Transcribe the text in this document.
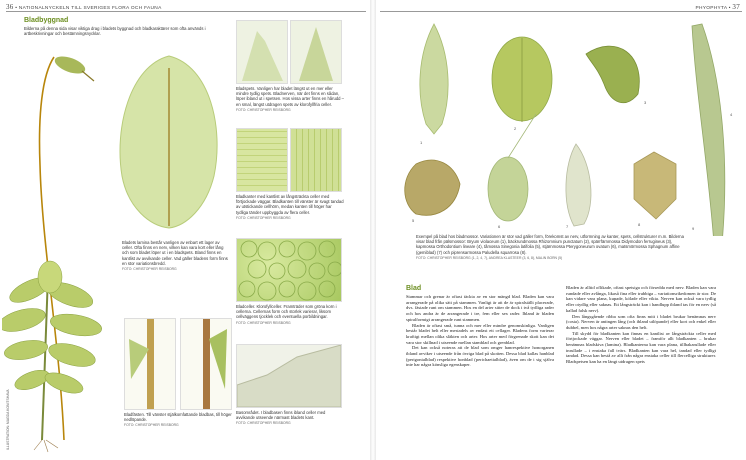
36 • NATIONALNYCKELN TILL SVERIGES FLORA OCH FAUNA
Bladbyggnad
Bilderna på denna sida visar viktiga drag i bladets byggnad och bladkaraktärer som ofta används i artbeskrivningar och bestämningsnycklar.
ILLUSTRATION: MAGDA KONITSHAVA
Bladets lamina består vanligen av enbart ett lager av celler. Ofta finns en nerv, vilken kan vara kort eller lång och som bladet löper ut i en bladspets. Bland finns en kantlist av avvikande celler. Vad gäller bladens form finns en stor variationsbredd.
FOTO: CHRISTOPHER REISBORG
Bladspets. Vanligen har bladet längst ut en mer eller mindre tydlig spets. Bladnerven, när det finns en sådan, löper ibland ut i spetsen. Hos vissa arter finns en hårudd – en smal, längst utdragen spets av klorofyllfria celler.
FOTO: CHRISTOPHER REISBORG
Bladkanter med kantlist av långsträckta celler med förtjockade väggar. Bladkanten till vänster är svagt tandad av utstickande cellhörn, medan kanten till höger har tydliga tänder uppbyggda av flera celler.
FOTO: CHRISTOPHER REISBORG
Bladceller. Klorofyllceller. Framträder som gröna korn i cellerna. Cellernas form och storlek varierar, liksom cellväggens tjocklek och eventuella porbildningar.
FOTO: CHRISTOPHER REISBORG
Basområdet. I bladbasen finns ibland celler med avvikande utseende närmast bladets kant.
FOTO: CHRISTOPHER REISBORG
Bladfästen. Till vänster stjälkomfattande bladbas, till höger nedlöpande.
FOTO: CHRISTOPHER REISBORG
PHYOPHYTA • 37
1
2
3
4
5
6	7	8
9
Exempel på blad hos bladmossor. Variationen är stor vad gäller form, förekomst av nerv, utformning av kanter, spets, cellstrukturer m.m. Bilderna visar blad från pälsmossor: Bryum violaceum (1), bäckrundmossa Rhizomnium punctatum (2), spärrfärnmossa Didymodon ferrugineus (3), kapmossa Orthodontium lineare (4), tåmossa Sinegonia latifolia (5), stjärnmossa Pterygoneurum ovatum (6), matsmörmossa Sphagnum affine (gemiblad) (7) och piprensarmossa Paludella squarrosa (8).
FOTO: CHRISTOPHER REISBORG (1, 2, 4, 7), ANDREA KLASTEER (3, 6, 8), MALIN BORN (5)
Blad

Stammar och grenar är oftast täckta av en stor mängd blad. Bladen kan vara arrangerade på olika sätt på stammen. Vanligt är att de är spiralställt placerade, dvs. fästade runt om stammen. Hos en del arter sitter de dock i två tydliga rader och hos andra är de arrangerade i tre, fem eller sex rader. Ibland är bladen spiralformigt arrangerade runt stammen.

Bladen är oftast små, tunna och mer eller mindre genomskinliga. Vanligen består bladet helt eller mestadels av endast ett cellager. Bladens form varierar kraftigt mellan olika släkten och arter. Hos arter med förgrenade skott kan det vara stor skillnad i utseende mellan stamblad och grenblad.

Det kan också noteras att de blad som omger hanrespektive honorganen ibland avviker i utseende från övriga blad på skotten. Dessa blad kallas hanblad (perigonialblad) respektive honblad (perichaetialblad), även om de i sig själva inte har några könsliga egenskaper.

Bladen är alltid oflikade, oftast spetsiga och försedda med nerv. Bladen kan vara rundade eller avlånga, likaså fina eller trubbiga – variationsrikedomen är stor. De kan vidare vara plana, kupade, kölade eller vikta. Nerven kan också vara tydlig eller otydlig eller saknas. Ett långsträckt kan i handlupp ibland tas för en nerv (så kallad falsk nerv).

Den långsgående ribba som ofta finns mitt i bladet brukar benämnas nerv (costa). Nerven är antingen lång (och ibland utlöpande) eller kort och enkel eller dubbel, men hos några arter saknas den helt.

Till skydd för bladkanten kan finnas en kantlist av långsträckta celler med förtjockade väggar. Nerven eller bladet – framför allt bladkanten – brukar benämnas bladskiva (lamina). Bladkanterna kan vara plana, tillbakarullade eller inrullade – i enstaka fall tvärs. Bladkanten kan vara hel, tandad eller tydligt tandad. Dessa kan bestå av allt från några enstaka celler till flercelliga strukturer. Bladspetsen kan ha en längt utdragen spets
